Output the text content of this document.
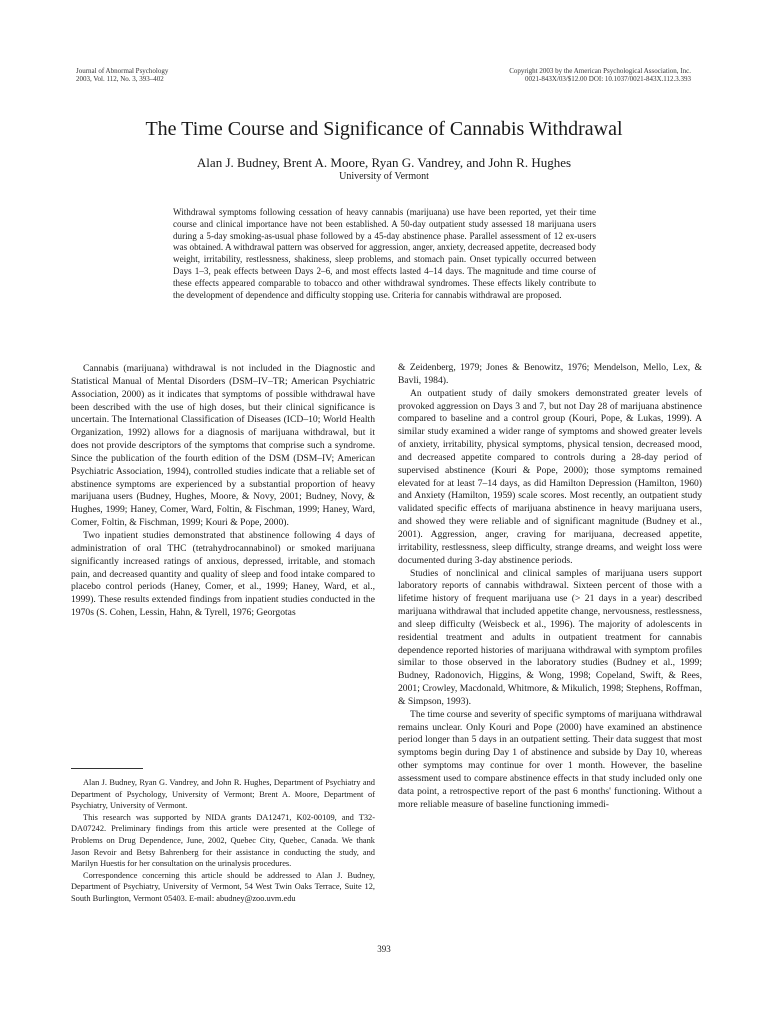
Journal of Abnormal Psychology
2003, Vol. 112, No. 3, 393–402
Copyright 2003 by the American Psychological Association, Inc.
0021-843X/03/$12.00 DOI: 10.1037/0021-843X.112.3.393
The Time Course and Significance of Cannabis Withdrawal
Alan J. Budney, Brent A. Moore, Ryan G. Vandrey, and John R. Hughes
University of Vermont

Withdrawal symptoms following cessation of heavy cannabis (marijuana) use have been reported, yet their time course and clinical importance have not been established. A 50-day outpatient study assessed 18 marijuana users during a 5-day smoking-as-usual phase followed by a 45-day abstinence phase. Parallel assessment of 12 ex-users was obtained. A withdrawal pattern was observed for aggression, anger, anxiety, decreased appetite, decreased body weight, irritability, restlessness, shakiness, sleep problems, and stomach pain. Onset typically occurred between Days 1–3, peak effects between Days 2–6, and most effects lasted 4–14 days. The magnitude and time course of these effects appeared comparable to tobacco and other withdrawal syndromes. These effects likely contribute to the development of dependence and difficulty stopping use. Criteria for cannabis withdrawal are proposed.

Cannabis (marijuana) withdrawal is not included in the Diagnostic and Statistical Manual of Mental Disorders (DSM–IV–TR; American Psychiatric Association, 2000) as it indicates that symptoms of possible withdrawal have been described with the use of high doses, but their clinical significance is uncertain. The International Classification of Diseases (ICD–10; World Health Organization, 1992) allows for a diagnosis of marijuana withdrawal, but it does not provide descriptors of the symptoms that comprise such a syndrome. Since the publication of the fourth edition of the DSM (DSM–IV; American Psychiatric Association, 1994), controlled studies indicate that a reliable set of abstinence symptoms are experienced by a substantial proportion of heavy marijuana users (Budney, Hughes, Moore, & Novy, 2001; Budney, Novy, & Hughes, 1999; Haney, Comer, Ward, Foltin, & Fischman, 1999; Haney, Ward, Comer, Foltin, & Fischman, 1999; Kouri & Pope, 2000).

Two inpatient studies demonstrated that abstinence following 4 days of administration of oral THC (tetrahydrocannabinol) or smoked marijuana significantly increased ratings of anxious, depressed, irritable, and stomach pain, and decreased quantity and quality of sleep and food intake compared to placebo control periods (Haney, Comer, et al., 1999; Haney, Ward, et al., 1999). These results extended findings from inpatient studies conducted in the 1970s (S. Cohen, Lessin, Hahn, & Tyrell, 1976; Georgotas

Alan J. Budney, Ryan G. Vandrey, and John R. Hughes, Department of Psychiatry and Department of Psychology, University of Vermont; Brent A. Moore, Department of Psychiatry, University of Vermont.

This research was supported by NIDA grants DA12471, K02-00109, and T32-DA07242. Preliminary findings from this article were presented at the College of Problems on Drug Dependence, June, 2002, Quebec City, Quebec, Canada. We thank Jason Revoir and Betsy Bahrenberg for their assistance in conducting the study, and Marilyn Huestis for her consultation on the urinalysis procedures.

Correspondence concerning this article should be addressed to Alan J. Budney, Department of Psychiatry, University of Vermont, 54 West Twin Oaks Terrace, Suite 12, South Burlington, Vermont 05403. E-mail: abudney@zoo.uvm.edu

& Zeidenberg, 1979; Jones & Benowitz, 1976; Mendelson, Mello, Lex, & Bavli, 1984).

An outpatient study of daily smokers demonstrated greater levels of provoked aggression on Days 3 and 7, but not Day 28 of marijuana abstinence compared to baseline and a control group (Kouri, Pope, & Lukas, 1999). A similar study examined a wider range of symptoms and showed greater levels of anxiety, irritability, physical symptoms, physical tension, decreased mood, and decreased appetite compared to controls during a 28-day period of supervised abstinence (Kouri & Pope, 2000); those symptoms remained elevated for at least 7–14 days, as did Hamilton Depression (Hamilton, 1960) and Anxiety (Hamilton, 1959) scale scores. Most recently, an outpatient study validated specific effects of marijuana abstinence in heavy marijuana users, and showed they were reliable and of significant magnitude (Budney et al., 2001). Aggression, anger, craving for marijuana, decreased appetite, irritability, restlessness, sleep difficulty, strange dreams, and weight loss were documented during 3-day abstinence periods.

Studies of nonclinical and clinical samples of marijuana users support laboratory reports of cannabis withdrawal. Sixteen percent of those with a lifetime history of frequent marijuana use (> 21 days in a year) described marijuana withdrawal that included appetite change, nervousness, restlessness, and sleep difficulty (Weisbeck et al., 1996). The majority of adolescents in residential treatment and adults in outpatient treatment for cannabis dependence reported histories of marijuana withdrawal with symptom profiles similar to those observed in the laboratory studies (Budney et al., 1999; Budney, Radonovich, Higgins, & Wong, 1998; Copeland, Swift, & Rees, 2001; Crowley, Macdonald, Whitmore, & Mikulich, 1998; Stephens, Roffman, & Simpson, 1993).

The time course and severity of specific symptoms of marijuana withdrawal remains unclear. Only Kouri and Pope (2000) have examined an abstinence period longer than 5 days in an outpatient setting. Their data suggest that most symptoms begin during Day 1 of abstinence and subside by Day 10, whereas other symptoms may continue for over 1 month. However, the baseline assessment used to compare abstinence effects in that study included only one data point, a retrospective report of the past 6 months' functioning. Without a more reliable measure of baseline functioning immedi-

393
